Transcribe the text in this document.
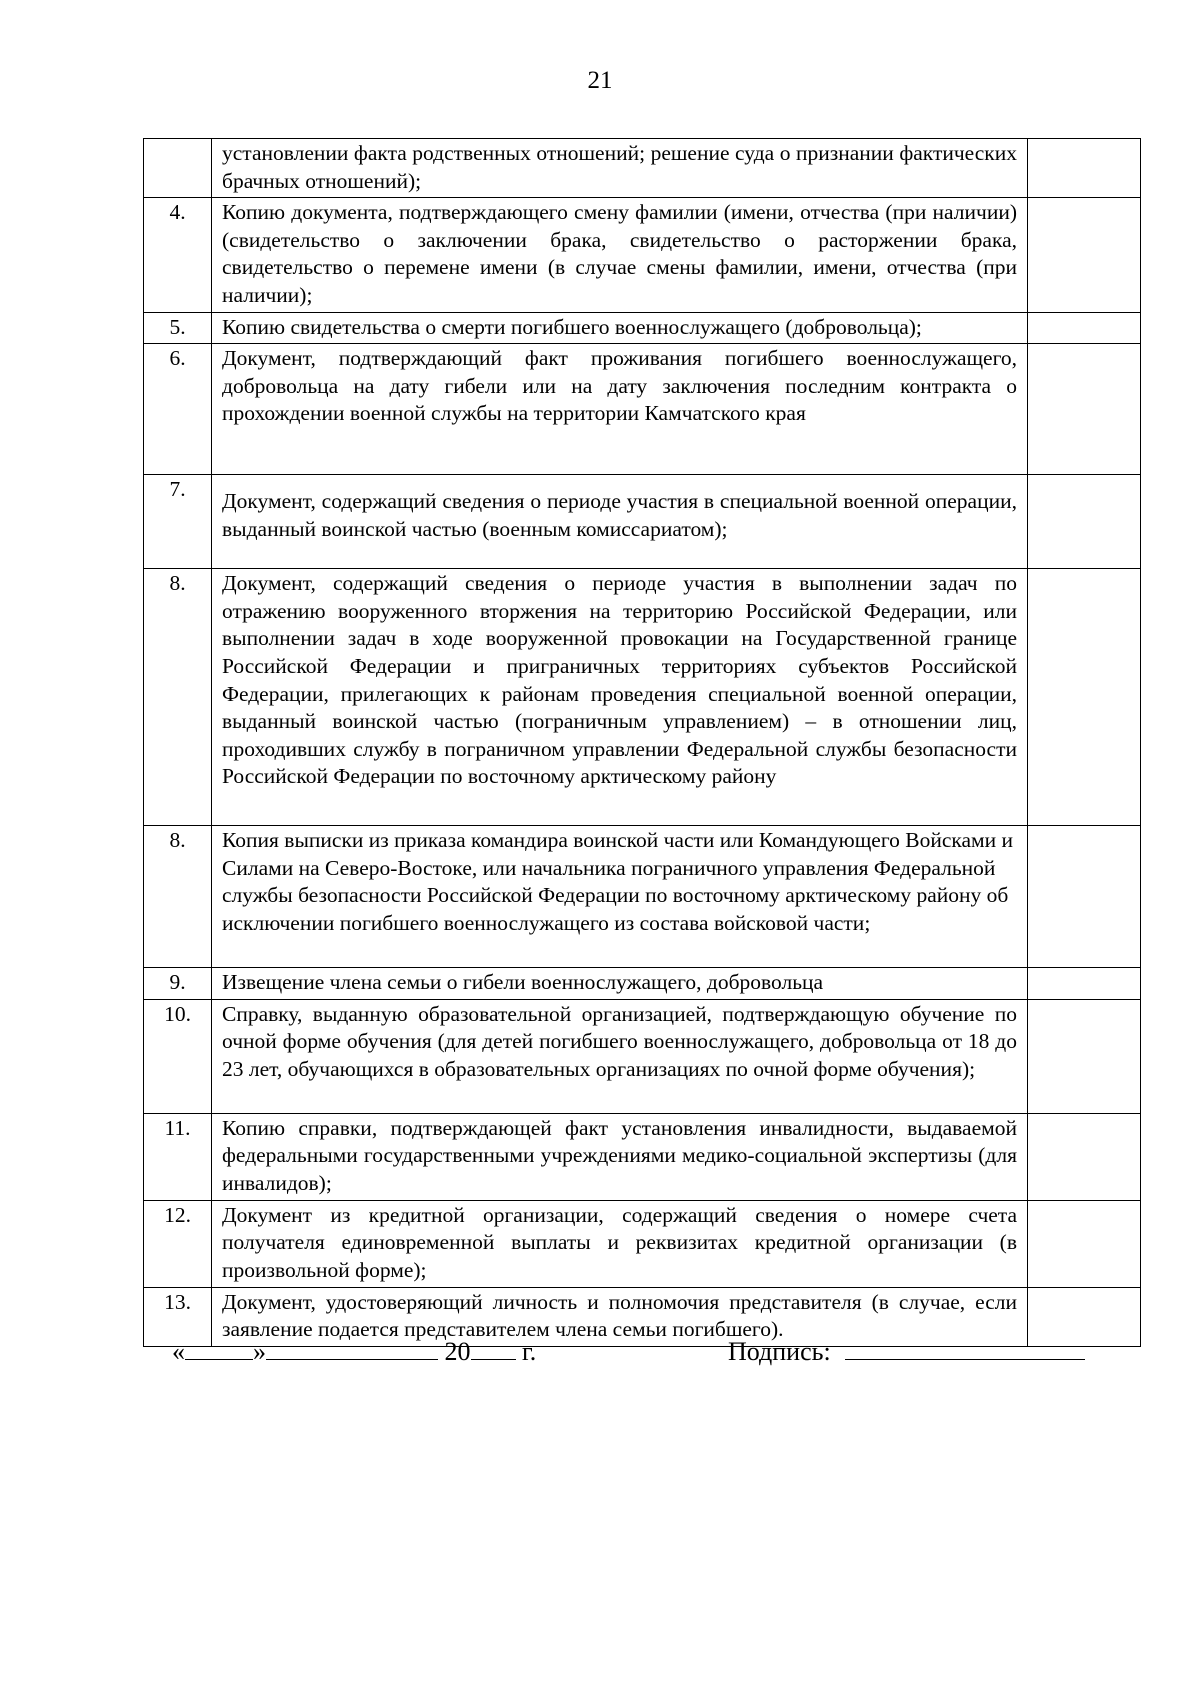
21
	установлении факта родственных отношений; решение суда о признании фактических брачных отношений);	
4.	Копию документа, подтверждающего смену фамилии (имени, отчества (при наличии) (свидетельство о заключении брака, свидетельство о расторжении брака, свидетельство о перемене имени (в случае смены фамилии, имени, отчества (при наличии);	
5.	Копию свидетельства о смерти погибшего военнослужащего (добровольца);	
6.	Документ, подтверждающий факт проживания погибшего военнослужащего, добровольца на дату гибели или на дату заключения последним контракта о прохождении военной службы на территории Камчатского края	
7.	Документ, содержащий сведения о периоде участия в специальной военной операции, выданный воинской частью (военным комиссариатом);	
8.	Документ, содержащий сведения о периоде участия в выполнении задач по отражению вооруженного вторжения на территорию Российской Федерации, или выполнении задач в ходе вооруженной провокации на Государственной границе Российской Федерации и приграничных территориях субъектов Российской Федерации, прилегающих к районам проведения специальной военной операции, выданный воинской частью (пограничным управлением) – в отношении лиц, проходивших службу в пограничном управлении Федеральной службы безопасности Российской Федерации по восточному арктическому району	
8.	Копия выписки из приказа командира воинской части или Командующего Войсками и Силами на Северо-Востоке, или начальника пограничного управления Федеральной службы безопасности Российской Федерации по восточному арктическому району об исключении погибшего военнослужащего из состава войсковой части;	
9.	Извещение члена семьи о гибели военнослужащего, добровольца	
10.	Справку, выданную образовательной организацией, подтверждающую обучение по очной форме обучения (для детей погибшего военнослужащего, добровольца от 18 до 23 лет, обучающихся в образовательных организациях по очной форме обучения);	
11.	Копию справки, подтверждающей факт установления инвалидности, выдаваемой федеральными государственными учреждениями медико-социальной экспертизы (для инвалидов);	
12.	Документ из кредитной организации, содержащий сведения о номере счета получателя единовременной выплаты и реквизитах кредитной организации (в произвольной форме);	
13.	Документ, удостоверяющий личность и полномочия представителя (в случае, если заявление подается представителем члена семьи погибшего).	
«	»	20 г.	Подпись:
